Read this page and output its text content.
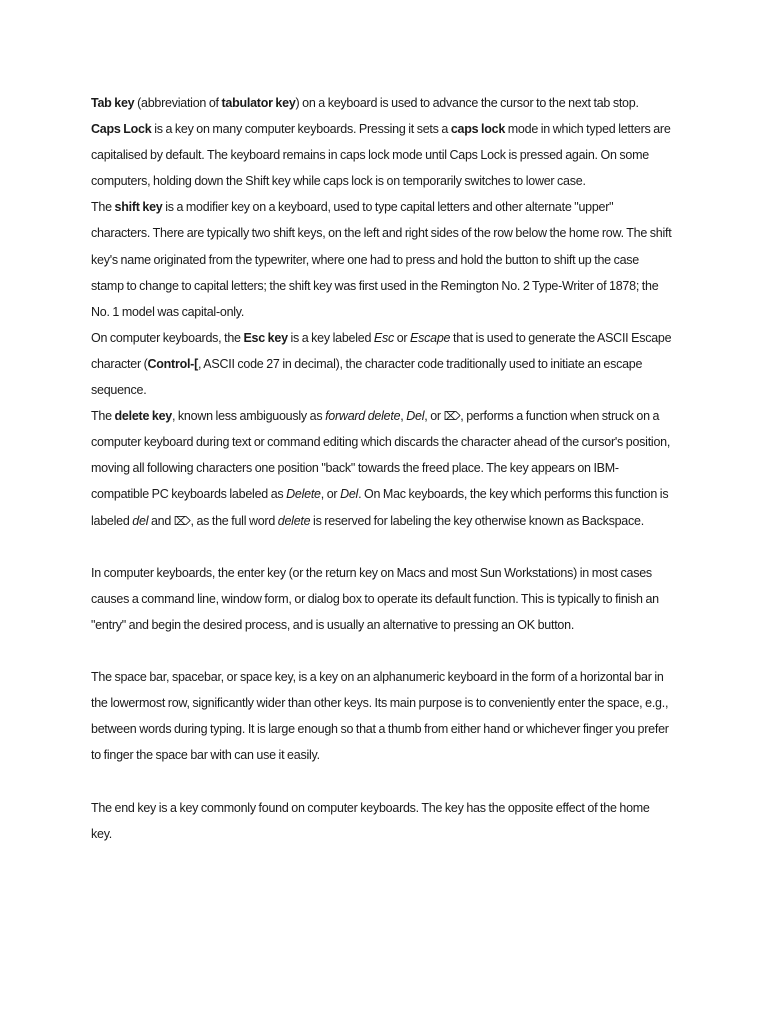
Tab key (abbreviation of tabulator key) on a keyboard is used to advance the cursor to the next tab stop.

Caps Lock is a key on many computer keyboards. Pressing it sets a caps lock mode in which typed letters are capitalised by default. The keyboard remains in caps lock mode until Caps Lock is pressed again. On some computers, holding down the Shift key while caps lock is on temporarily switches to lower case.

The shift key is a modifier key on a keyboard, used to type capital letters and other alternate "upper" characters. There are typically two shift keys, on the left and right sides of the row below the home row. The shift key's name originated from the typewriter, where one had to press and hold the button to shift up the case stamp to change to capital letters; the shift key was first used in the Remington No. 2 Type-Writer of 1878; the No. 1 model was capital-only.

On computer keyboards, the Esc key is a key labeled Esc or Escape that is used to generate the ASCII Escape character (Control-[, ASCII code 27 in decimal), the character code traditionally used to initiate an escape sequence.

The delete key, known less ambiguously as forward delete, Del, or ⌦, performs a function when struck on a computer keyboard during text or command editing which discards the character ahead of the cursor's position, moving all following characters one position "back" towards the freed place. The key appears on IBM-compatible PC keyboards labeled as Delete, or Del. On Mac keyboards, the key which performs this function is labeled del and ⌦, as the full word delete is reserved for labeling the key otherwise known as Backspace.

In computer keyboards, the enter key (or the return key on Macs and most Sun Workstations) in most cases causes a command line, window form, or dialog box to operate its default function. This is typically to finish an "entry" and begin the desired process, and is usually an alternative to pressing an OK button.

The space bar, spacebar, or space key, is a key on an alphanumeric keyboard in the form of a horizontal bar in the lowermost row, significantly wider than other keys. Its main purpose is to conveniently enter the space, e.g., between words during typing. It is large enough so that a thumb from either hand or whichever finger you prefer to finger the space bar with can use it easily.

The end key is a key commonly found on computer keyboards. The key has the opposite effect of the home key.
